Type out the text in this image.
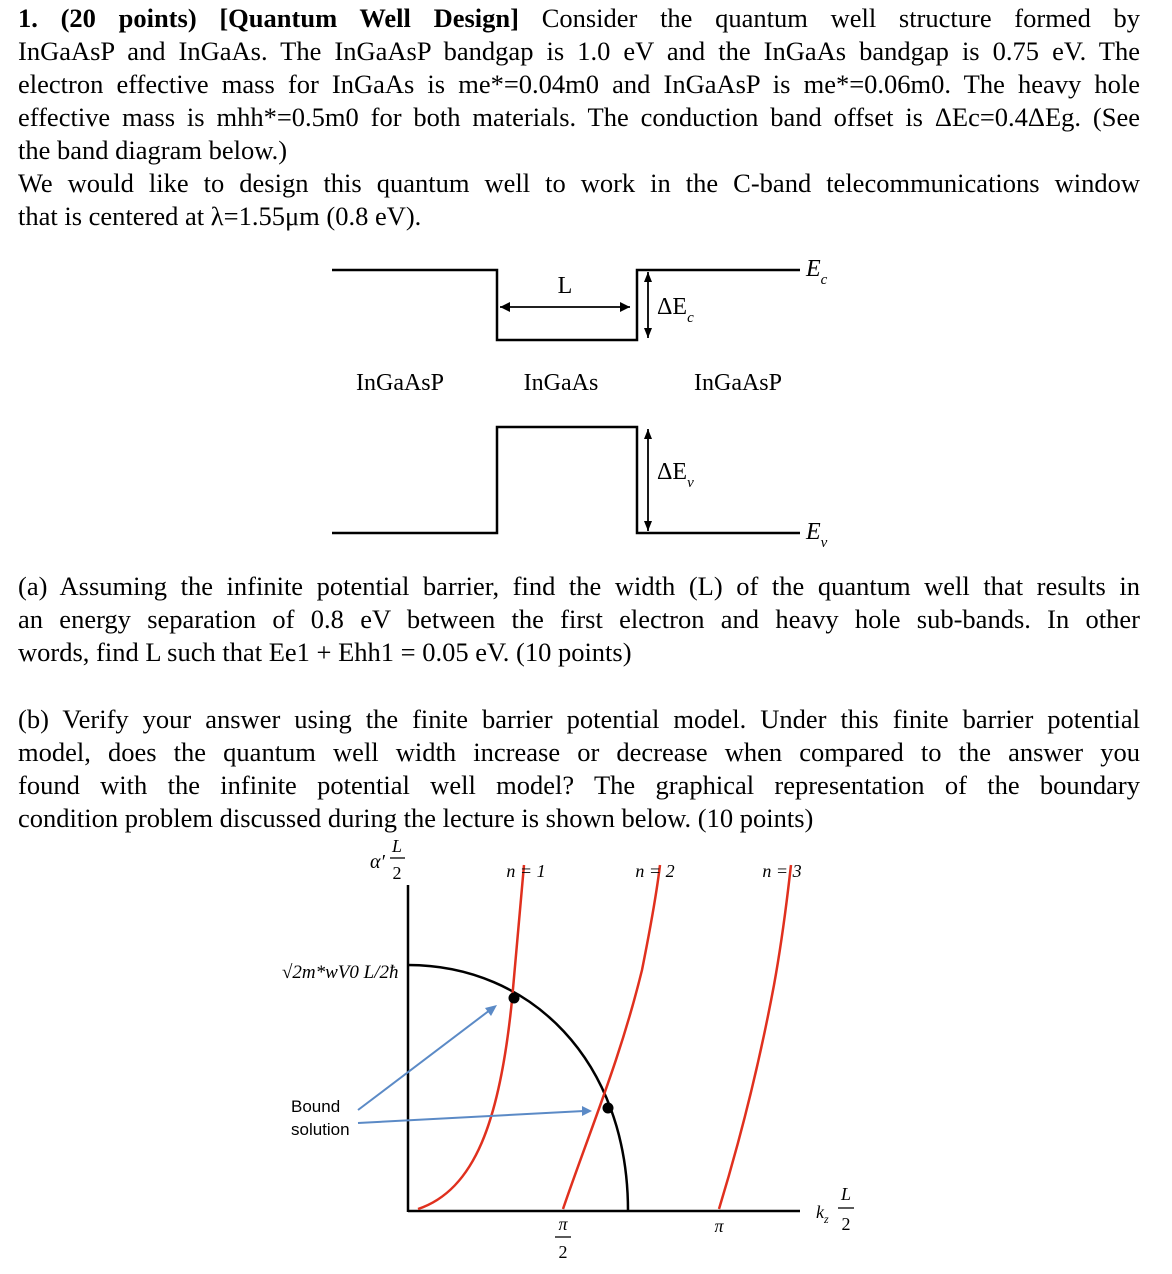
1. (20 points) [Quantum Well Design] Consider the quantum well structure formed by
InGaAsP and InGaAs. The InGaAsP bandgap is 1.0 eV and the InGaAs bandgap is 0.75 eV. The
electron effective mass for InGaAs is me*=0.04m0 and InGaAsP is me*=0.06m0. The heavy hole
effective mass is mhh*=0.5m0 for both materials. The conduction band offset is ΔEc=0.4ΔEg. (See
the band diagram below.)
We would like to design this quantum well to work in the C-band telecommunications window
that is centered at λ=1.55μm (0.8 eV).
L
$\Delta E_c$
$E_c$
InGaAsP	InGaAs	InGaAsP
$\Delta E_v$
$E_v$
(a) Assuming the infinite potential barrier, find the width (L) of the quantum well that results in
an energy separation of 0.8 eV between the first electron and heavy hole sub-bands. In other
words, find L such that Ee1 + Ehh1 = 0.05 eV. (10 points)
(b) Verify your answer using the finite barrier potential model. Under this finite barrier potential
model, does the quantum well width increase or decrease when compared to the answer you
found with the infinite potential well model? The graphical representation of the boundary
condition problem discussed during the lecture is shown below. (10 points)
α′
L
2
√2m*wV0 L/2ħ
n = 1	n = 2	n = 3
Bound
solution
π
2
π
$k_z$
L
2
